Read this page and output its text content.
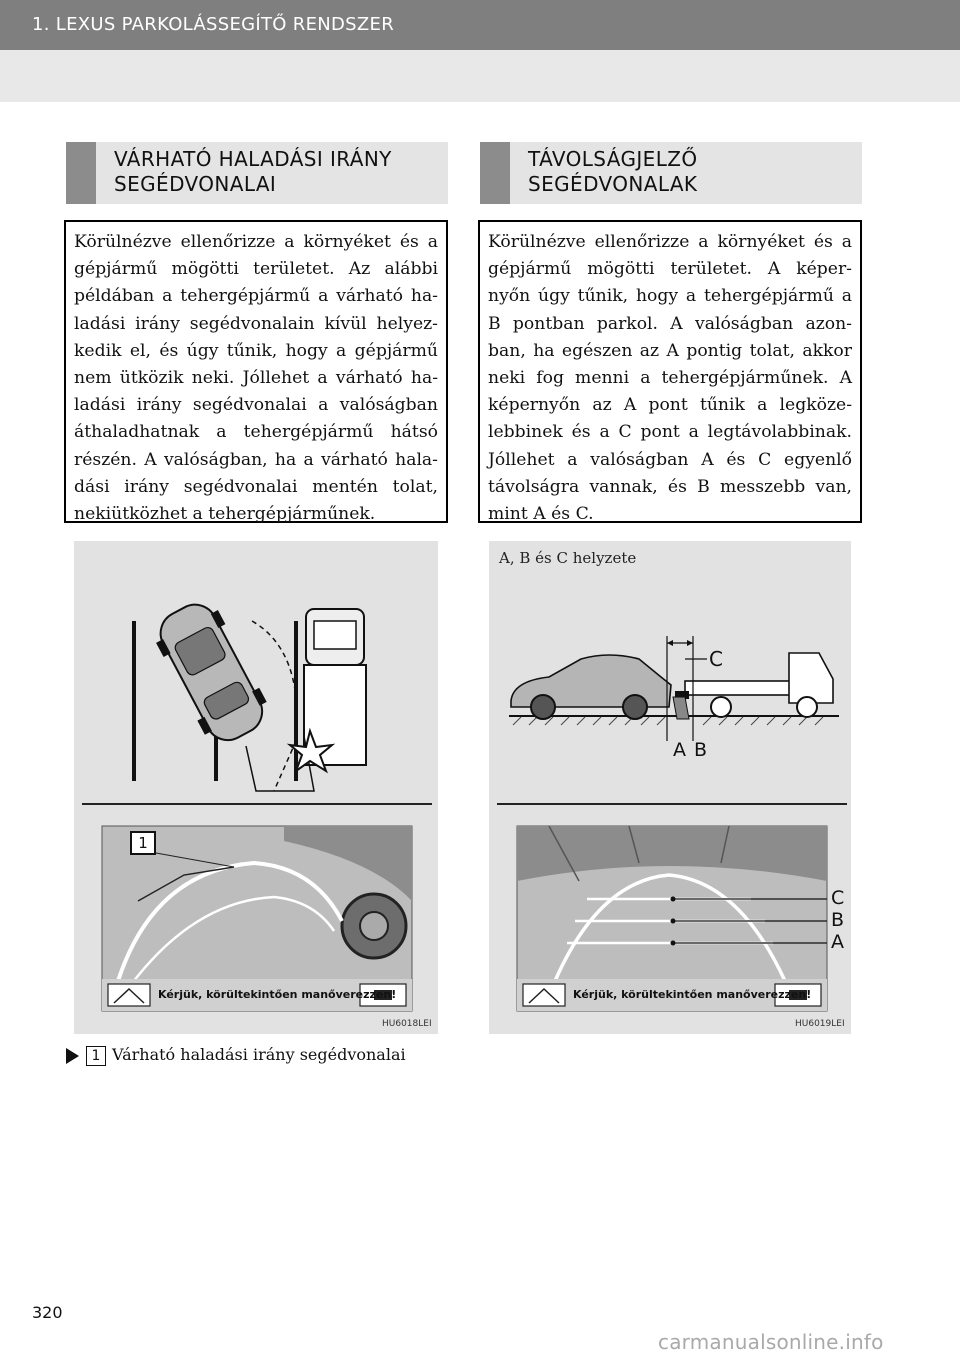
1. LEXUS PARKOLÁSSEGÍTŐ RENDSZER
VÁRHATÓ HALADÁSI IRÁNY
SEGÉDVONALAI
TÁVOLSÁGJELZŐ
SEGÉDVONALAK
Körülnézve ellenőrizze a környéket és a
gépjármű mögötti területet. Az alábbi
példában a tehergépjármű a várható ha-
ladási irány segédvonalain kívül helyez-
kedik el, és úgy tűnik, hogy a gépjármű
nem ütközik neki. Jóllehet a várható ha-
ladási irány segédvonalai a valóságban
áthaladhatnak a tehergépjármű hátsó
részén. A valóságban, ha a várható hala-
dási irány segédvonalai mentén tolat,
nekiütközhet a tehergépjárműnek.
Körülnézve ellenőrizze a környéket és a
gépjármű mögötti területet. A képer-
nyőn úgy tűnik, hogy a tehergépjármű a
B pontban parkol. A valóságban azon-
ban, ha egészen az A pontig tolat, akkor
neki fog menni a tehergépjárműnek. A
képernyőn az A pont tűnik a legköze-
lebbinek és a C pont a legtávolabbinak.
Jóllehet a valóságban A és C egyenlő
távolságra vannak, és B messzebb van,
mint A és C.
1
Kérjük, körültekintően manőverezzen!
HU6018LEI
A, B és C helyzete
C
A B
C
B
A
Kérjük, körültekintően manőverezzen!
HU6019LEI
1 Várható haladási irány segédvonalai
320
carmanualsonline.info
